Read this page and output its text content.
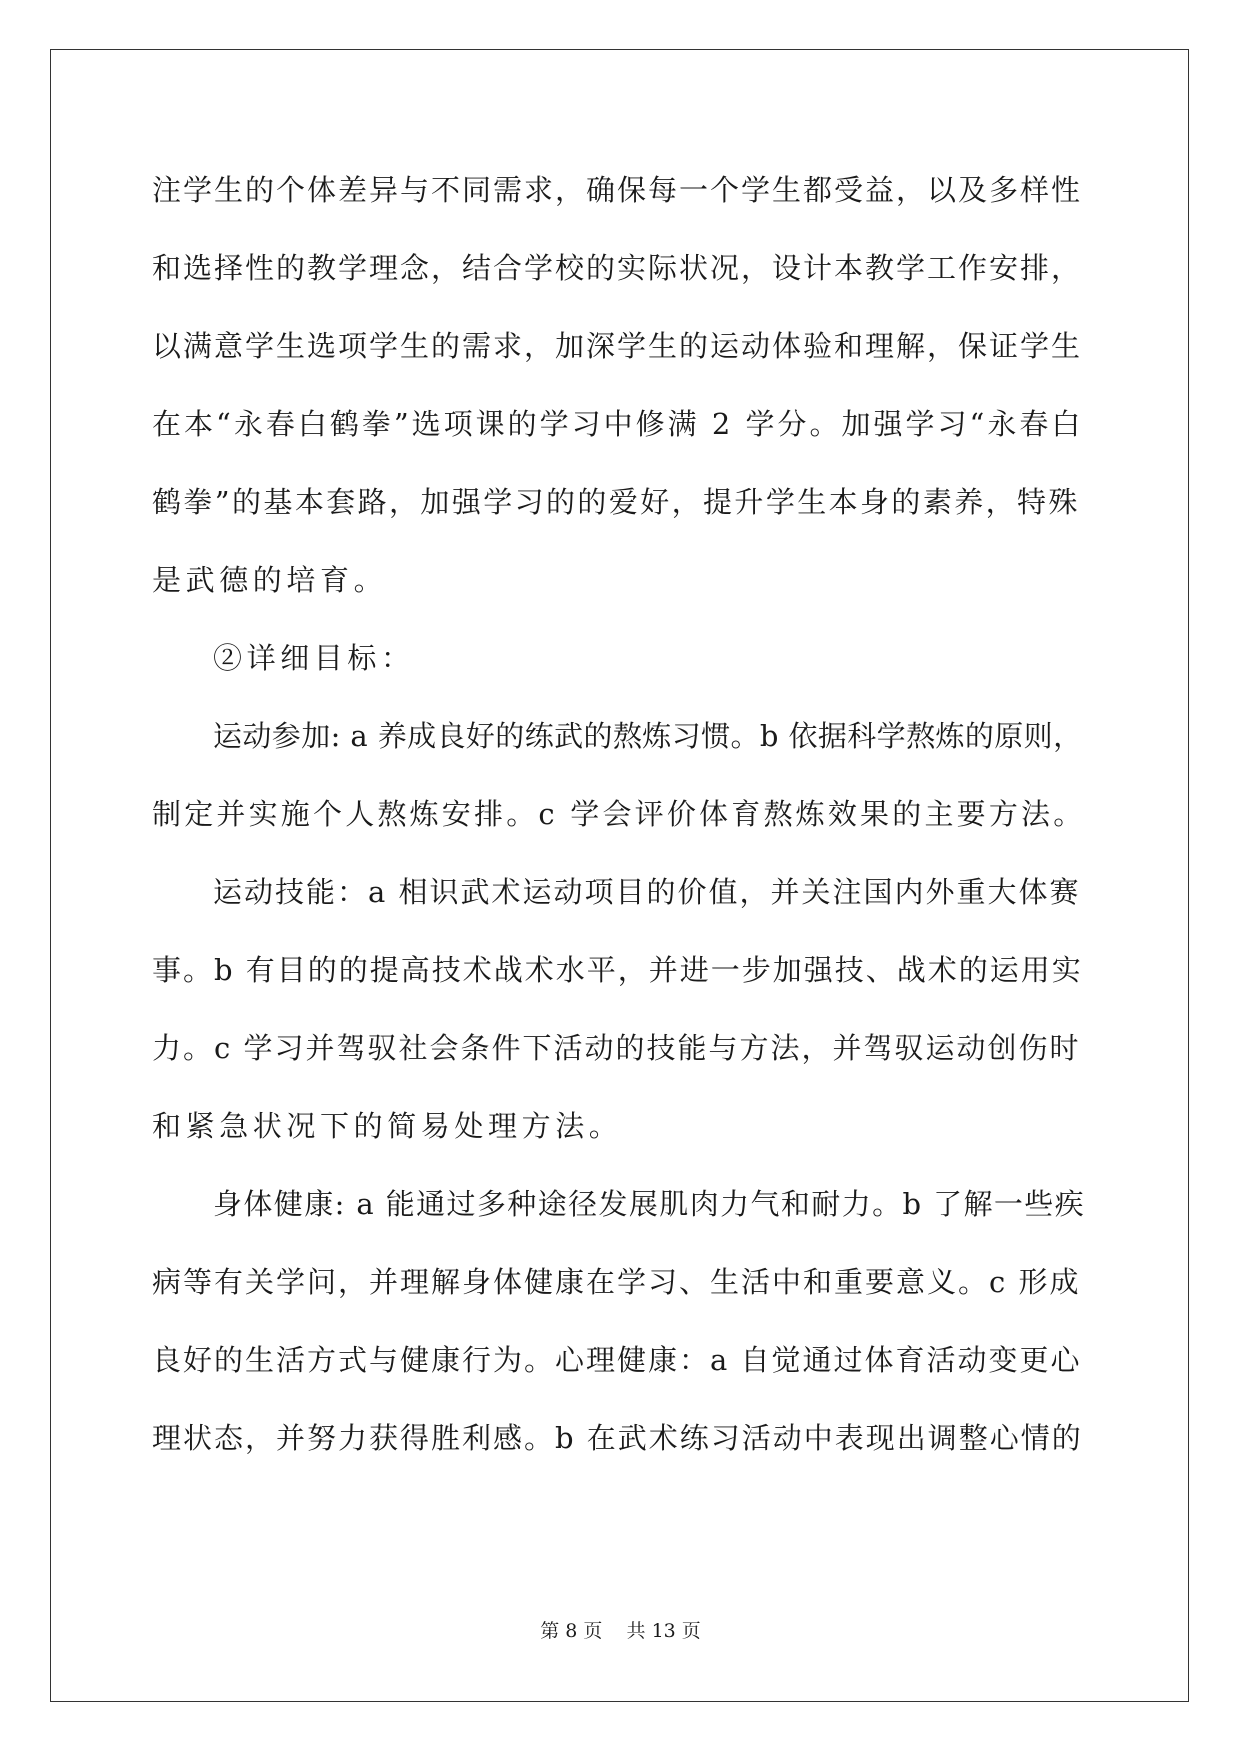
注学生的个体差异与不同需求，确保每一个学生都受益，以及多样性
和选择性的教学理念，结合学校的实际状况，设计本教学工作安排，
以满意学生选项学生的需求，加深学生的运动体验和理解，保证学生
在本“永春白鹤拳”选项课的学习中修满 2 学分。加强学习“永春白
鹤拳”的基本套路，加强学习的的爱好，提升学生本身的素养，特殊
是武德的培育。
②详细目标：
运动参加: a 养成良好的练武的熬炼习惯。b 依据科学熬炼的原则，
制定并实施个人熬炼安排。c 学会评价体育熬炼效果的主要方法。
运动技能：a 相识武术运动项目的价值，并关注国内外重大体赛
事。b 有目的的提高技术战术水平，并进一步加强技、战术的运用实
力。c 学习并驾驭社会条件下活动的技能与方法，并驾驭运动创伤时
和紧急状况下的简易处理方法。
身体健康: a 能通过多种途径发展肌肉力气和耐力。b 了解一些疾
病等有关学问，并理解身体健康在学习、生活中和重要意义。c 形成
良好的生活方式与健康行为。心理健康：a 自觉通过体育活动变更心
理状态，并努力获得胜利感。b 在武术练习活动中表现出调整心情的
第 8 页    共 13 页
